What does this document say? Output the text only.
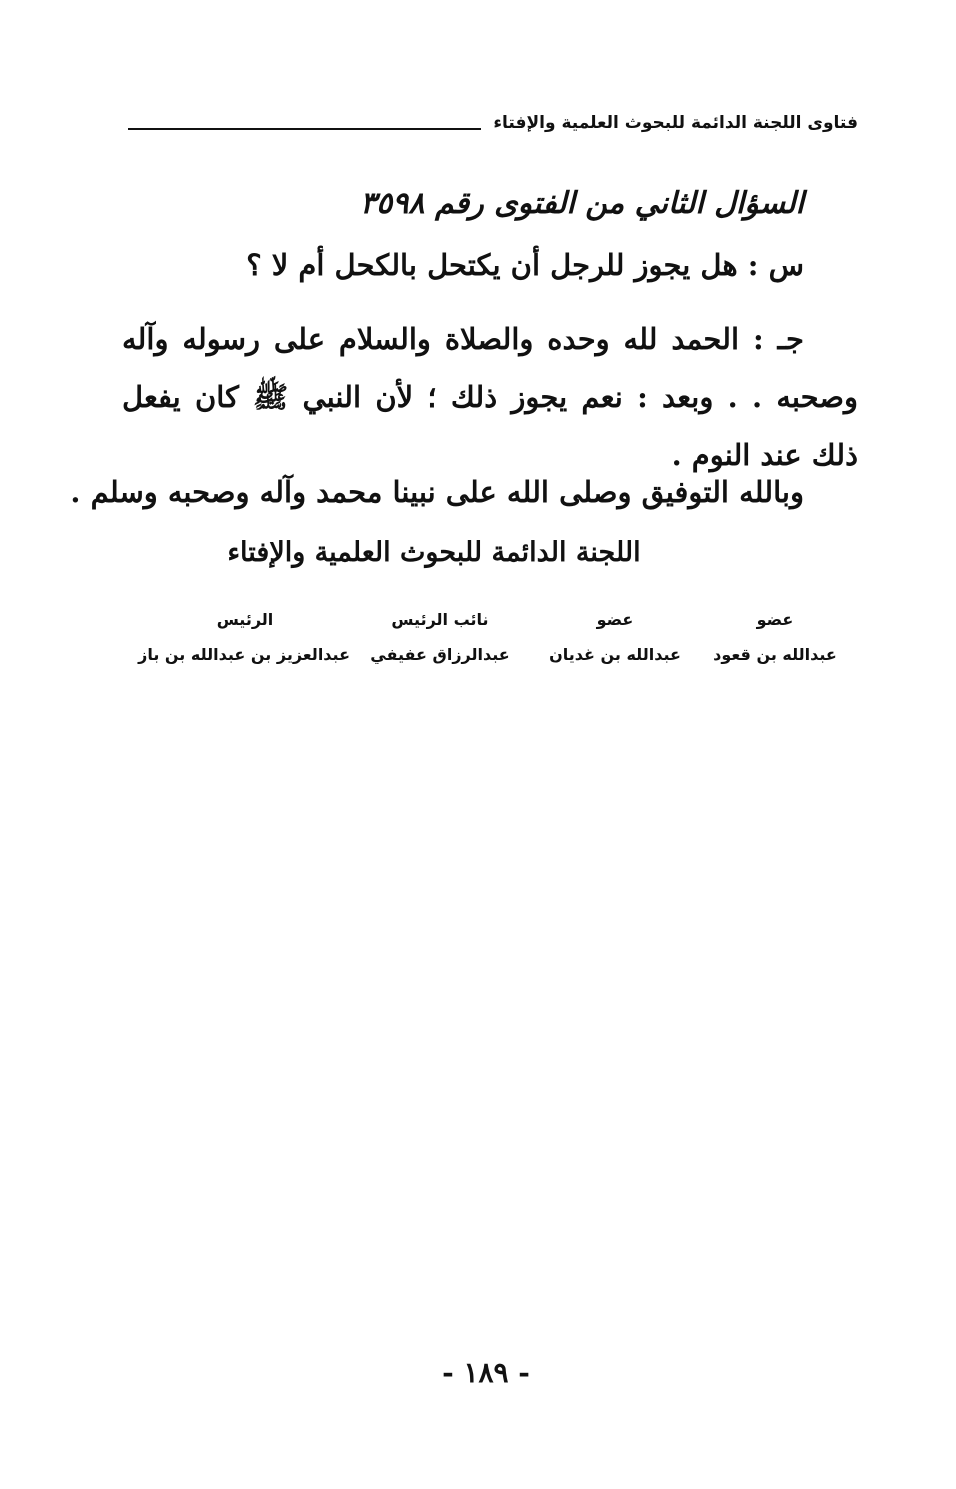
فتاوى اللجنة الدائمة للبحوث العلمية والإفتاء
السؤال الثاني من الفتوى رقم ٣٥٩٨
س : هل يجوز للرجل أن يكتحل بالكحل أم لا ؟
جـ : الحمد لله وحده والصلاة والسلام على رسوله وآله وصحبه . . وبعد : نعم يجوز ذلك ؛ لأن النبي ﷺ كان يفعل ذلك عند النوم .
وبالله التوفيق وصلى الله على نبينا محمد وآله وصحبه وسلم .
اللجنة الدائمة للبحوث العلمية والإفتاء
عضو
عبدالله بن قعود
عضو
عبدالله بن غديان
نائب الرئيس
عبدالرزاق عفيفي
الرئيس
عبدالعزيز بن عبدالله بن باز
- ١٨٩ -
